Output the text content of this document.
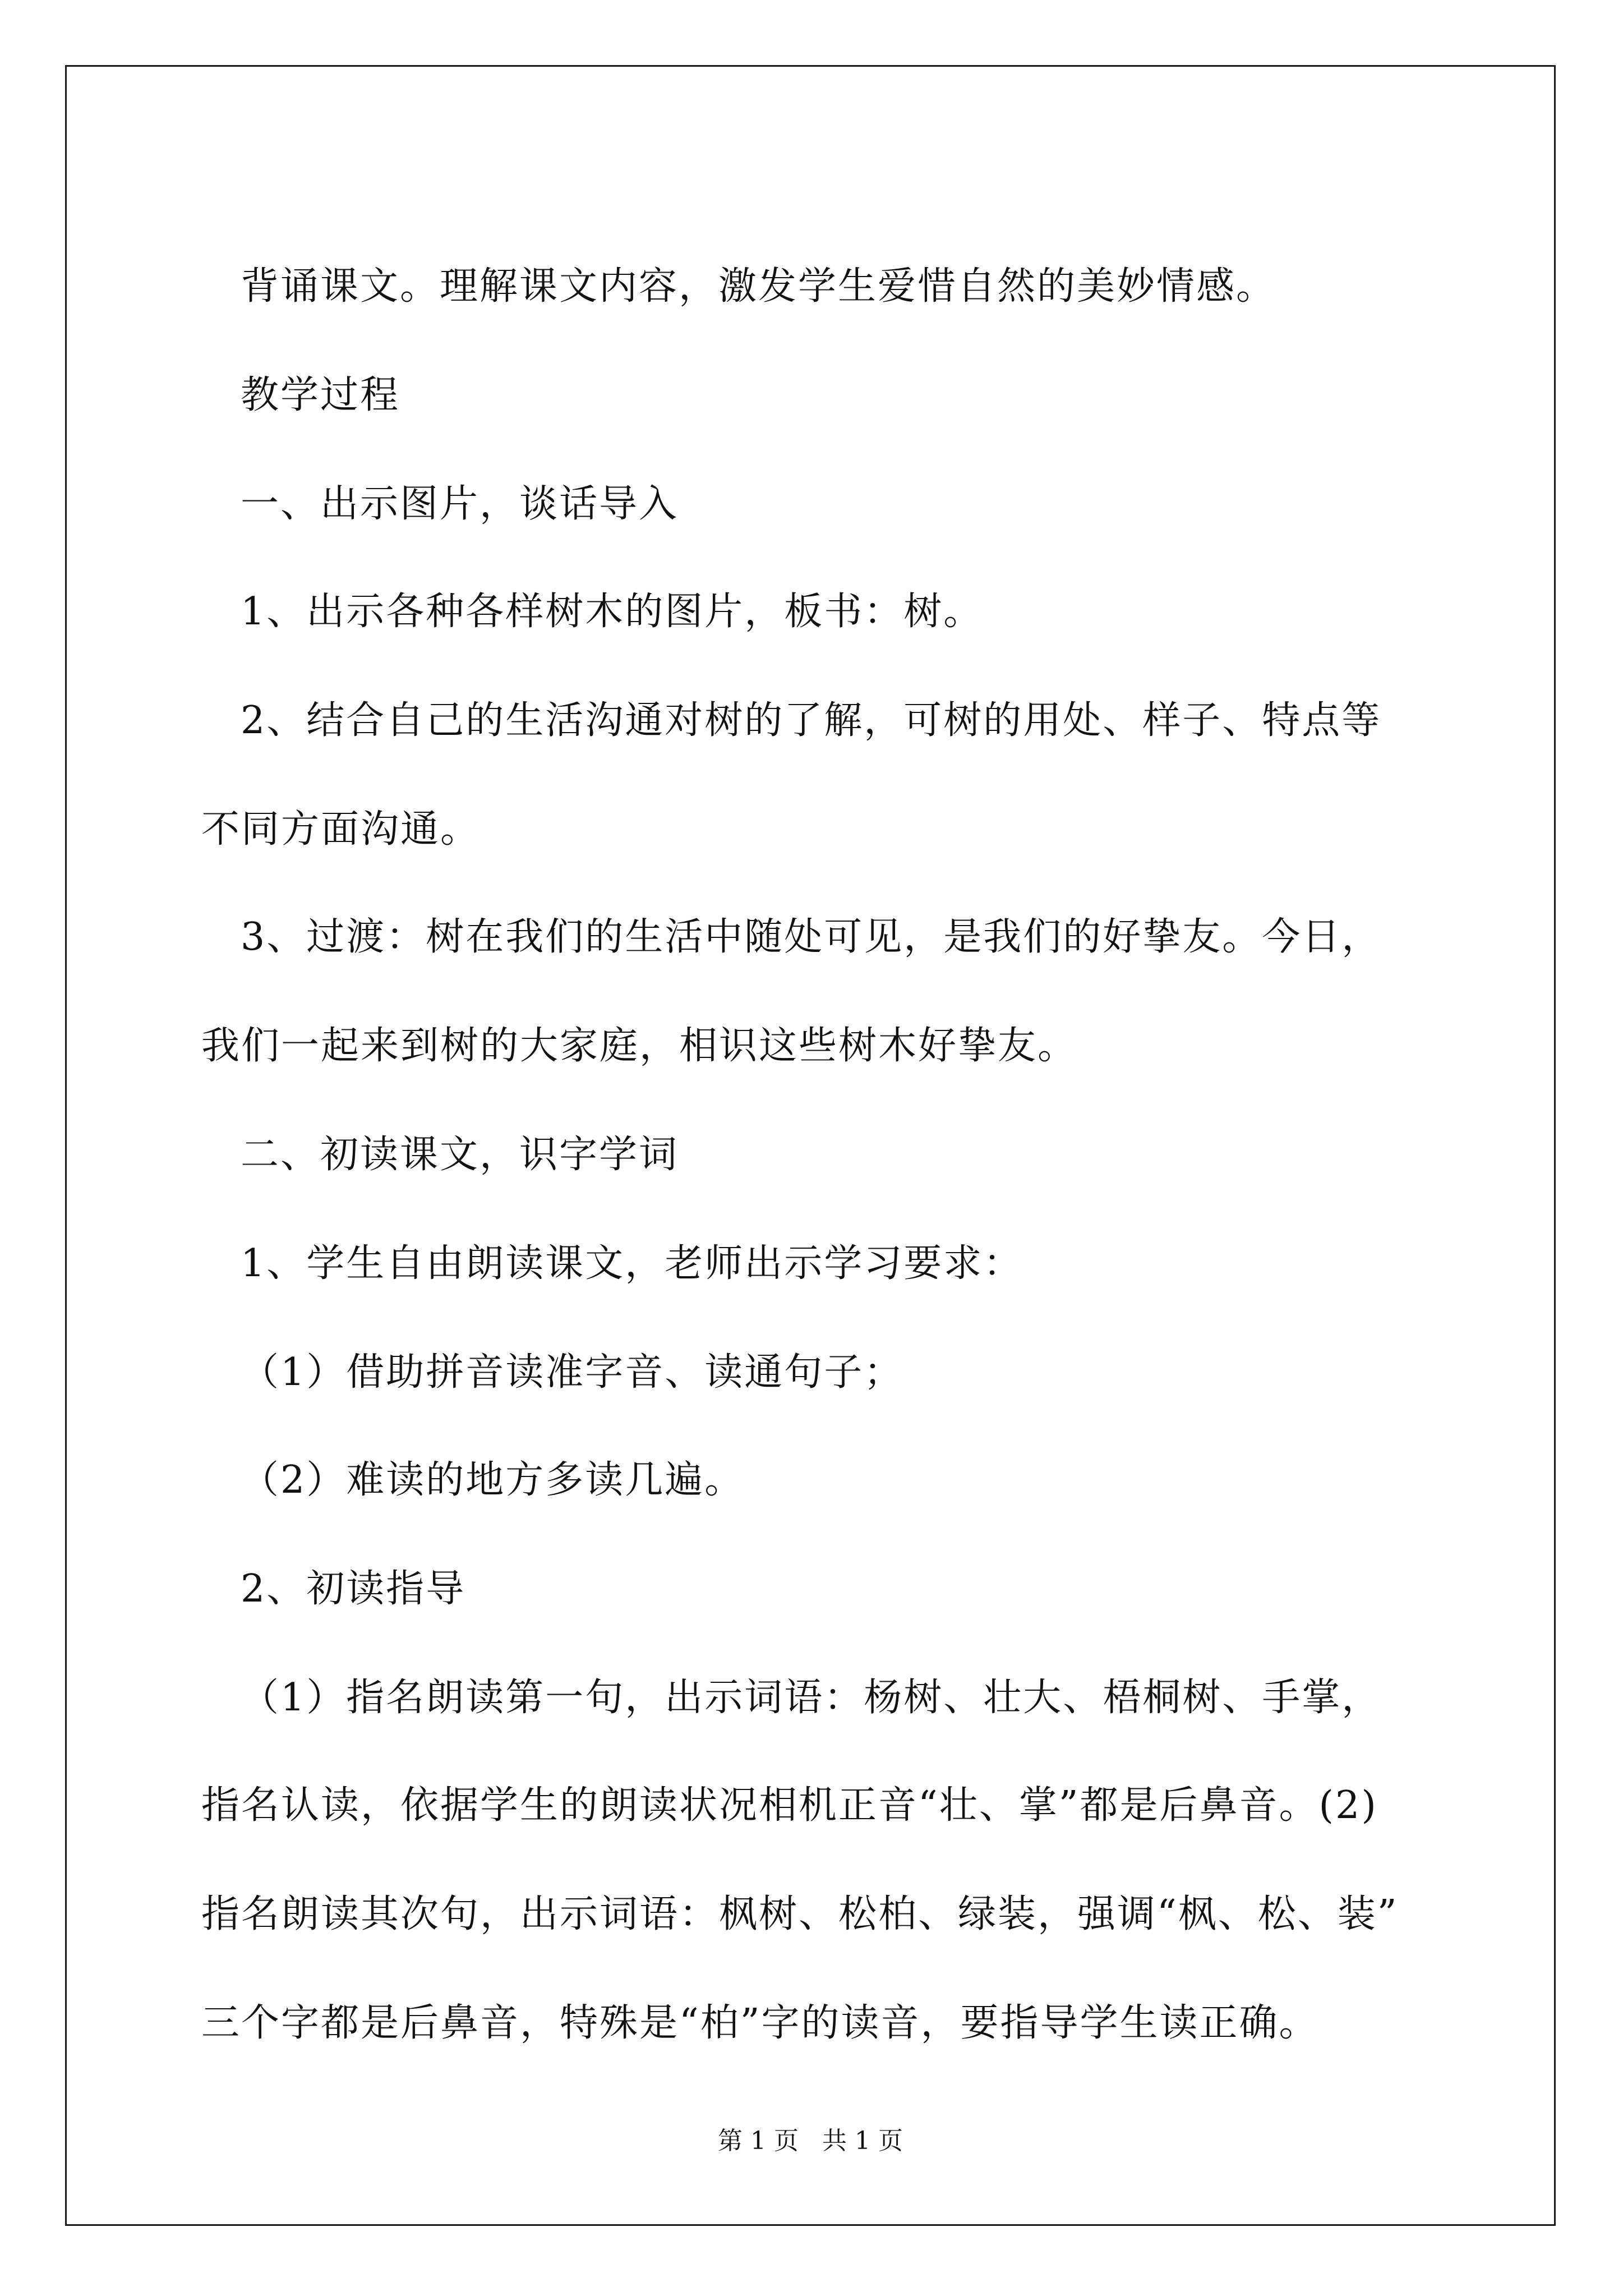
背诵课文。理解课文内容，激发学生爱惜自然的美妙情感。
教学过程
一、出示图片，谈话导入
1、出示各种各样树木的图片，板书：树。
2、结合自己的生活沟通对树的了解，可树的用处、样子、特点等
不同方面沟通。
3、过渡：树在我们的生活中随处可见，是我们的好挚友。今日，
我们一起来到树的大家庭，相识这些树木好挚友。
二、初读课文，识字学词
1、学生自由朗读课文，老师出示学习要求：
（1）借助拼音读准字音、读通句子；
（2）难读的地方多读几遍。
2、初读指导
（1）指名朗读第一句，出示词语：杨树、壮大、梧桐树、手掌，
指名认读，依据学生的朗读状况相机正音“壮、掌”都是后鼻音。(2)
指名朗读其次句，出示词语：枫树、松柏、绿装，强调“枫、松、装”
三个字都是后鼻音，特殊是“柏”字的读音，要指导学生读正确。
第 1 页   共 1 页
